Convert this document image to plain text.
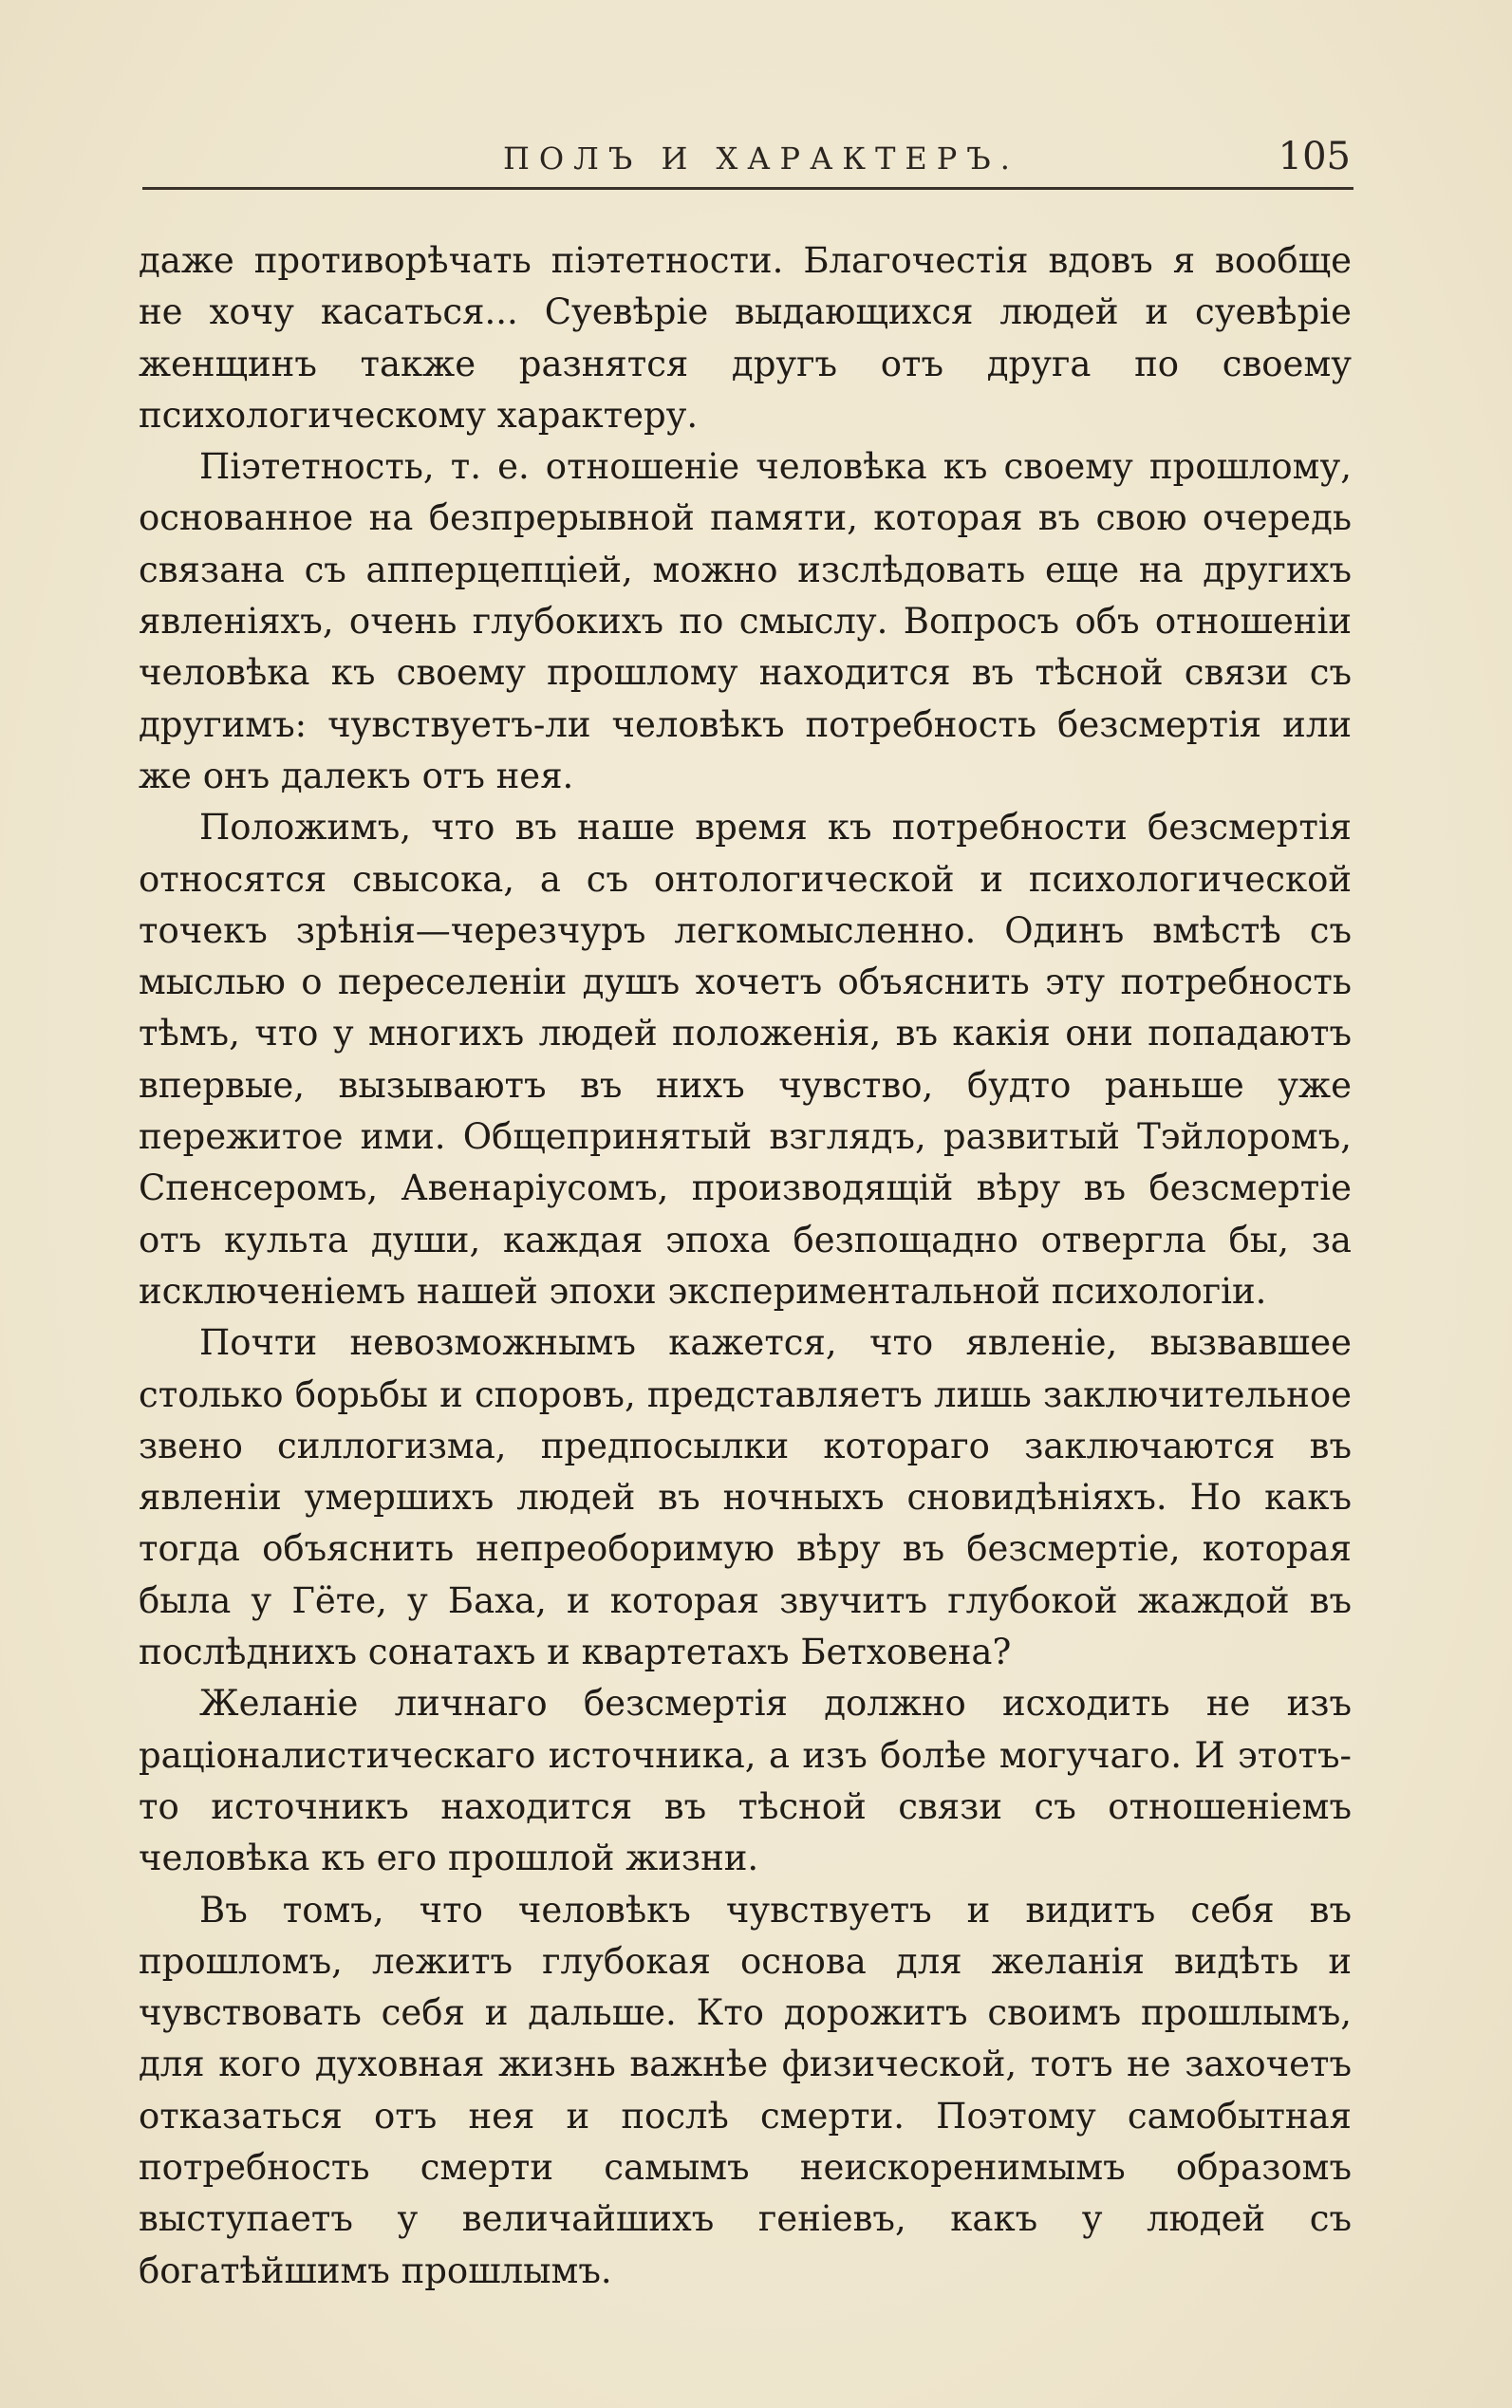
ПОЛЪ И ХАРАКТЕРЪ.	105

даже противорѣчать пiэтетности. Благочестiя вдовъ я вообще не хочу касаться... Суевѣрiе выдающихся людей и суевѣрiе женщинъ также разнятся другъ отъ друга по своему психологическому характеру.

Пiэтетность, т. е. отношенiе человѣка къ своему прошлому, основанное на безпрерывной памяти, которая въ свою очередь связана съ апперцепцiей, можно изслѣдовать еще на другихъ явленiяхъ, очень глубокихъ по смыслу. Вопросъ объ отношенiи человѣка къ своему прошлому находится въ тѣсной связи съ другимъ: чувствуетъ-ли человѣкъ потребность безсмертiя или же онъ далекъ отъ нея.

Положимъ, что въ наше время къ потребности безсмертiя относятся свысока, а съ онтологической и психологической точекъ зрѣнiя—черезчуръ легкомысленно. Одинъ вмѣстѣ съ мыслью о переселенiи душъ хочетъ объяснить эту потребность тѣмъ, что у многихъ людей положенiя, въ какiя они попадаютъ впервые, вызываютъ въ нихъ чувство, будто раньше уже пережитое ими. Общепринятый взглядъ, развитый Тэйлоромъ, Спенсеромъ, Авенарiусомъ, производящiй вѣру въ безсмертiе отъ культа души, каждая эпоха безпощадно отвергла бы, за исключенiемъ нашей эпохи экспериментальной психологiи.

Почти невозможнымъ кажется, что явленiе, вызвавшее столько борьбы и споровъ, представляетъ лишь заключительное звено силлогизма, предпосылки котораго заключаются въ явленiи умершихъ людей въ ночныхъ сновидѣнiяхъ. Но какъ тогда объяснить непреоборимую вѣру въ безсмертiе, которая была у Гёте, у Баха, и которая звучитъ глубокой жаждой въ послѣднихъ сонатахъ и квартетахъ Бетховена?

Желанiе личнаго безсмертiя должно исходить не изъ рацiоналистическаго источника, а изъ болѣе могучаго. И этотъ-то источникъ находится въ тѣсной связи съ отношенiемъ человѣка къ его прошлой жизни.

Въ томъ, что человѣкъ чувствуетъ и видитъ себя въ прошломъ, лежитъ глубокая основа для желанiя видѣть и чувствовать себя и дальше. Кто дорожитъ своимъ прошлымъ, для кого духовная жизнь важнѣе физической, тотъ не захочетъ отказаться отъ нея и послѣ смерти. Поэтому самобытная потребность смерти самымъ неискоренимымъ образомъ выступаетъ у величайшихъ генiевъ, какъ у людей съ богатѣйшимъ прошлымъ.
